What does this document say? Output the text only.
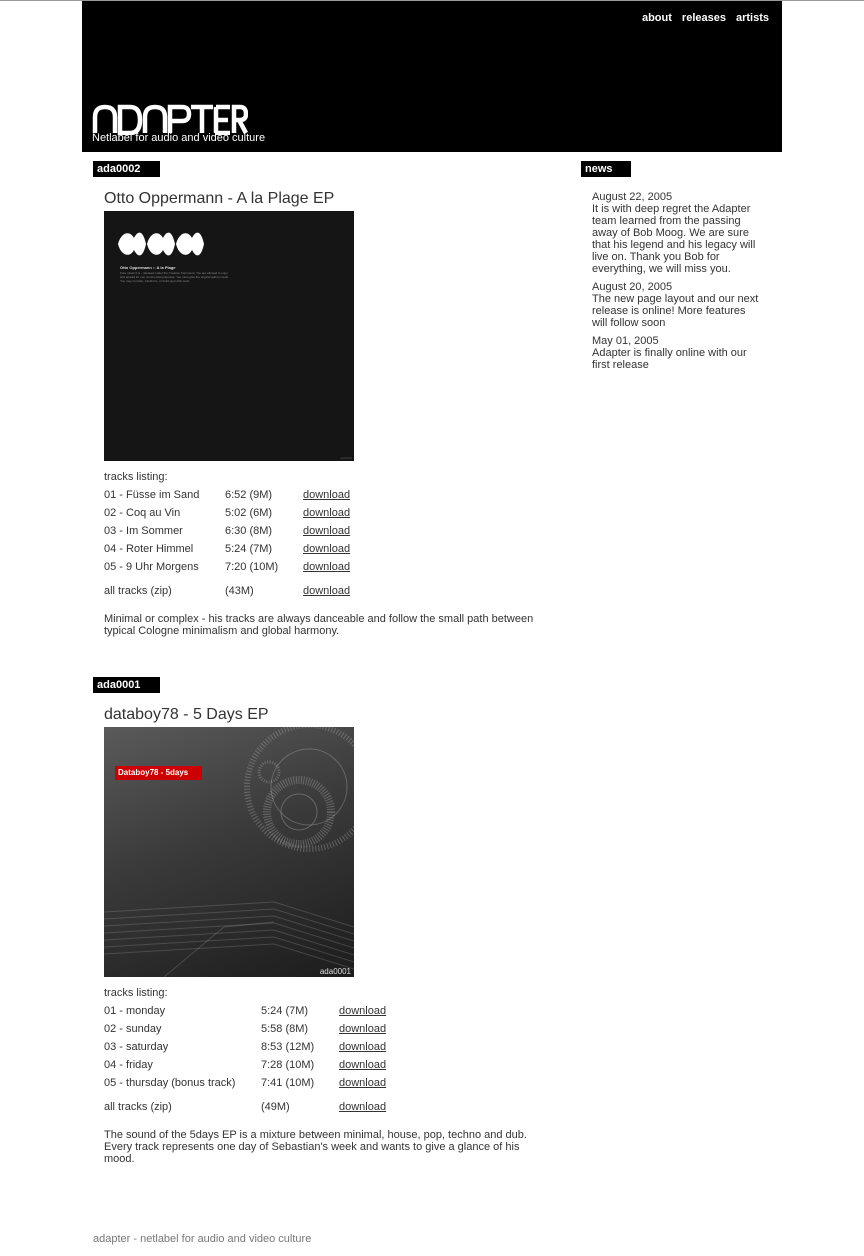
about releases artists
Netlabel for audio and video culture
ada0002
Otto Oppermann - A la Plage EP
Otto Oppermann :: A la Plage
Free music it is - released under the Creative Commons. You are allowed to copy and spread for non commercial purposes. You must give the original author credit. You may not alter, transform, or build upon this work.
ada0002
tracks listing:
01 - Füsse im Sand 6:52 (9M)	download
02 - Coq au Vin	5:02 (6M)	download
03 - Im Sommer	6:30 (8M)	download
04 - Roter Himmel	5:24 (7M)	download
05 - 9 Uhr Morgens 7:20 (10M) download
all tracks (zip)	(43M)	download
Minimal or complex - his tracks are always danceable and follow the small path between typical Cologne minimalism and global harmony.
ada0001
databoy78 - 5 Days EP
Databoy78 - 5days
ada0001
tracks listing:
01 - monday	5:24 (7M)	download
02 - sunday	5:58 (8M)	download
03 - saturday	8:53 (12M) download
04 - friday	7:28 (10M) download
05 - thursday (bonus track) 7:41 (10M) download
all tracks (zip)	(49M)	download
The sound of the 5days EP is a mixture between minimal, house, pop, techno and dub. Every track represents one day of Sebastian's week and wants to give a glance of his mood.
news
August 22, 2005
It is with deep regret the Adapter team learned from the passing away of Bob Moog. We are sure that his legend and his legacy will live on. Thank you Bob for everything, we will miss you.
August 20, 2005
The new page layout and our next release is online! More features will follow soon
May 01, 2005
Adapter is finally online with our first release
adapter - netlabel for audio and video culture
